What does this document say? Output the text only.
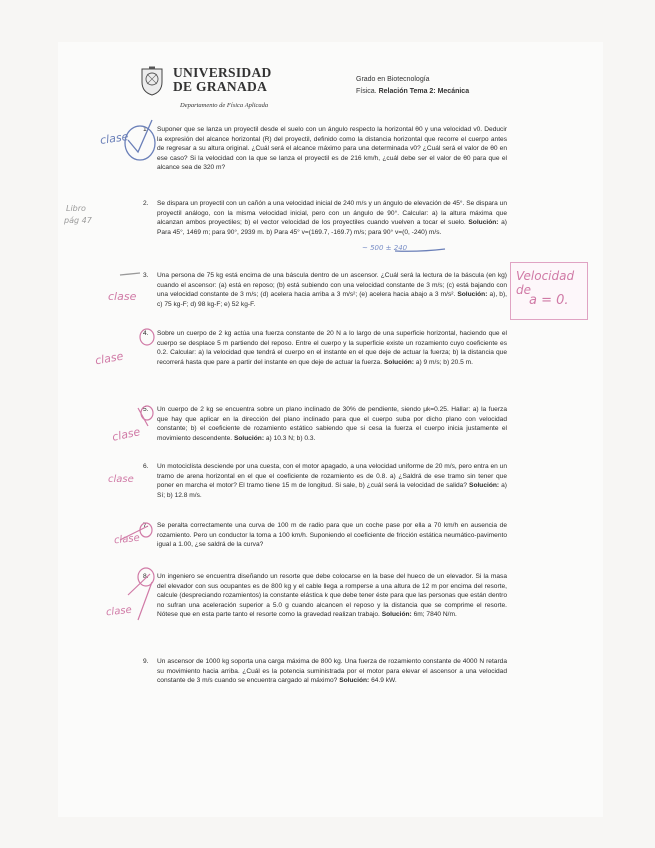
UNIVERSIDAD
DE GRANADA
Departamento de Física Aplicada
Grado en Biotecnología
Física. Relación Tema 2: Mecánica
1. Suponer que se lanza un proyectil desde el suelo con un ángulo respecto la horizontal θ0 y una velocidad v0. Deducir la expresión del alcance horizontal (R) del proyectil, definido como la distancia horizontal que recorre el cuerpo antes de regresar a su altura original. ¿Cuál será el alcance máximo para una determinada v0? ¿Cuál será el valor de θ0 en ese caso? Si la velocidad con la que se lanza el proyectil es de 216 km/h, ¿cuál debe ser el valor de θ0 para que el alcance sea de 320 m?
2. Se dispara un proyectil con un cañón a una velocidad inicial de 240 m/s y un ángulo de elevación de 45°. Se dispara un proyectil análogo, con la misma velocidad inicial, pero con un ángulo de 90°. Calcular: a) la altura máxima que alcanzan ambos proyectiles; b) el vector velocidad de los proyectiles cuando vuelven a tocar el suelo. Solución: a) Para 45°, 1469 m; para 90°, 2939 m. b) Para 45° v=(169.7, -169.7) m/s; para 90° v=(0, -240) m/s.
3. Una persona de 75 kg está encima de una báscula dentro de un ascensor. ¿Cuál será la lectura de la báscula (en kg) cuando el ascensor: (a) está en reposo; (b) está subiendo con una velocidad constante de 3 m/s; (c) está bajando con una velocidad constante de 3 m/s; (d) acelera hacia arriba a 3 m/s²; (e) acelera hacia abajo a 3 m/s². Solución: a), b), c) 75 kg-F; d) 98 kg-F; e) 52 kg-F.
4. Sobre un cuerpo de 2 kg actúa una fuerza constante de 20 N a lo largo de una superficie horizontal, haciendo que el cuerpo se desplace 5 m partiendo del reposo. Entre el cuerpo y la superficie existe un rozamiento cuyo coeficiente es 0.2. Calcular: a) la velocidad que tendrá el cuerpo en el instante en el que deje de actuar la fuerza; b) la distancia que recorrerá hasta que pare a partir del instante en que deje de actuar la fuerza. Solución: a) 9 m/s; b) 20.5 m.
5. Un cuerpo de 2 kg se encuentra sobre un plano inclinado de 30% de pendiente, siendo μk=0.25. Hallar: a) la fuerza que hay que aplicar en la dirección del plano inclinado para que el cuerpo suba por dicho plano con velocidad constante; b) el coeficiente de rozamiento estático sabiendo que si cesa la fuerza el cuerpo inicia justamente el movimiento descendente. Solución: a) 10.3 N; b) 0.3.
6. Un motociclista desciende por una cuesta, con el motor apagado, a una velocidad uniforme de 20 m/s, pero entra en un tramo de arena horizontal en el que el coeficiente de rozamiento es de 0.8. a) ¿Saldrá de ese tramo sin tener que poner en marcha el motor? El tramo tiene 15 m de longitud. Si sale, b) ¿cuál será la velocidad de salida? Solución: a) Sí; b) 12.8 m/s.
7. Se peralta correctamente una curva de 100 m de radio para que un coche pase por ella a 70 km/h en ausencia de rozamiento. Pero un conductor la toma a 100 km/h. Suponiendo el coeficiente de fricción estática neumático-pavimento igual a 1.00, ¿se saldrá de la curva?
8. Un ingeniero se encuentra diseñando un resorte que debe colocarse en la base del hueco de un elevador. Si la masa del elevador con sus ocupantes es de 800 kg y el cable llega a romperse a una altura de 12 m por encima del resorte, calcule (despreciando rozamientos) la constante elástica k que debe tener éste para que las personas que están dentro no sufran una aceleración superior a 5.0 g cuando alcancen el reposo y la distancia que se comprime el resorte. Nótese que en esta parte tanto el resorte como la gravedad realizan trabajo. Solución: 6m; 7840 N/m.
9. Un ascensor de 1000 kg soporta una carga máxima de 800 kg. Una fuerza de rozamiento constante de 4000 N retarda su movimiento hacia arriba. ¿Cuál es la potencia suministrada por el motor para elevar el ascensor a una velocidad constante de 3 m/s cuando se encuentra cargado al máximo? Solución: 64.9 kW.
clase
Libro
pág 47
clase
clase
clase
clase
clase
clase
~ 500 ± 240
Velocidad de
a = 0.
